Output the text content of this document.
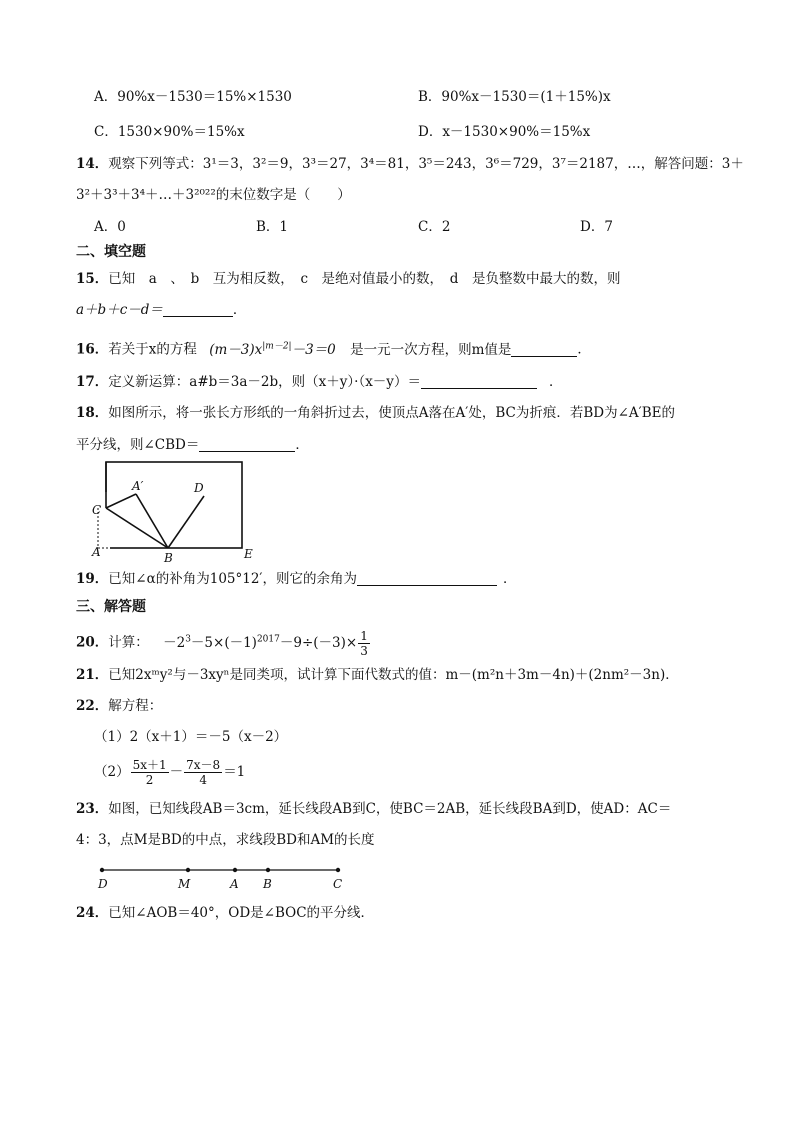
A．90%x－1530＝15%×1530	B．90%x－1530＝(1＋15%)x
C．1530×90%＝15%x	D．x－1530×90%＝15%x
14．观察下列等式：3¹＝3，3²＝9，3³＝27，3⁴＝81，3⁵＝243，3⁶＝729，3⁷＝2187，…，解答问题：3＋
3²＋3³＋3⁴＋…＋3²⁰²²的末位数字是（　　）
A．0	B．1	C．2	D．7
二、填空题
15．已知　a　、　b　互为相反数，　c　是绝对值最小的数，　d　是负整数中最大的数，则
a＋b＋c－d＝	．
16．若关于x的方程 $(m-3)x^{|m-2|}-3=0$ 是一元一次方程，则m值是	．
17．定义新运算：a#b＝3a－2b，则（x＋y）·（x－y）＝	．
18．如图所示，将一张长方形纸的一角斜折过去，使顶点A落在A′处，BC为折痕．若BD为∠A′BE的
平分线，则∠CBD＝	．
A′	D
C
A	B	E
19．已知∠α的补角为105°12′，则它的余角为	．
三、解答题
20．计算： $-2^3-5\times(-1)^{2017}-9\div(-3)\times \frac{1}{3}$
21．已知2xᵐy²与－3xyⁿ是同类项，试计算下面代数式的值：m－(m²n＋3m－4n)＋(2nm²－3n)．
22．解方程：
（1）2（x＋1）＝－5（x－2）
$(2) \frac{5x+1}{2} - \frac{7x-8}{4} =1$
23．如图，已知线段AB＝3cm，延长线段AB到C，使BC＝2AB，延长线段BA到D，使AD：AC＝
4：3，点M是BD的中点，求线段BD和AM的长度
D	M	A B	C
24．已知∠AOB＝40°，OD是∠BOC的平分线．
